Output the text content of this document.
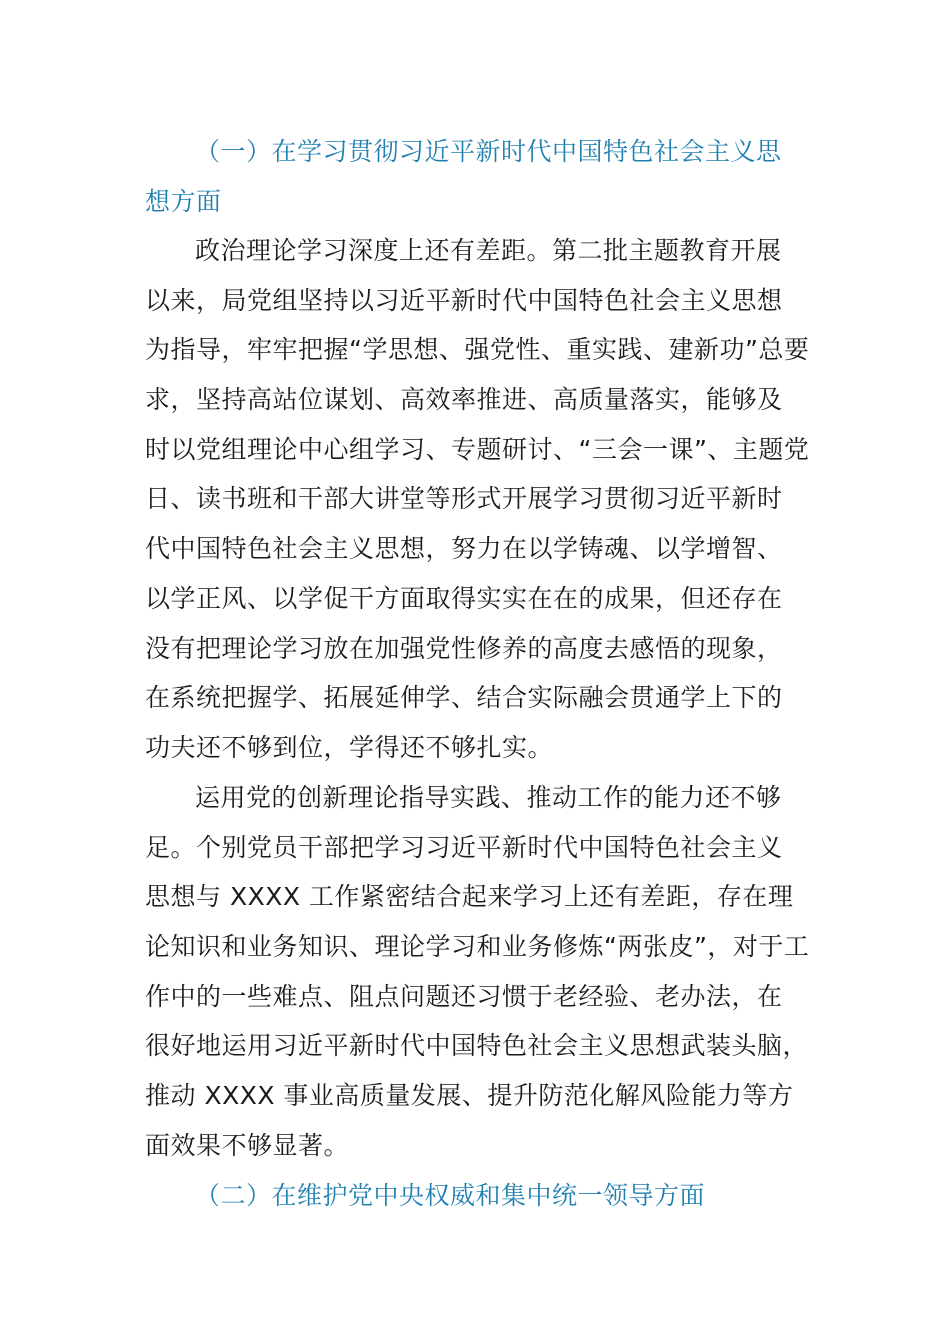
（一）在学习贯彻习近平新时代中国特色社会主义思
想方面
政治理论学习深度上还有差距。第二批主题教育开展
以来，局党组坚持以习近平新时代中国特色社会主义思想
为指导，牢牢把握“学思想、强党性、重实践、建新功”总要
求，坚持高站位谋划、高效率推进、高质量落实，能够及
时以党组理论中心组学习、专题研讨、“三会一课”、主题党
日、读书班和干部大讲堂等形式开展学习贯彻习近平新时
代中国特色社会主义思想，努力在以学铸魂、以学增智、
以学正风、以学促干方面取得实实在在的成果，但还存在
没有把理论学习放在加强党性修养的高度去感悟的现象，
在系统把握学、拓展延伸学、结合实际融会贯通学上下的
功夫还不够到位，学得还不够扎实。
运用党的创新理论指导实践、推动工作的能力还不够
足。个别党员干部把学习习近平新时代中国特色社会主义
思想与 XXXX 工作紧密结合起来学习上还有差距，存在理
论知识和业务知识、理论学习和业务修炼“两张皮”，对于工
作中的一些难点、阻点问题还习惯于老经验、老办法，在
很好地运用习近平新时代中国特色社会主义思想武装头脑，
推动 XXXX 事业高质量发展、提升防范化解风险能力等方
面效果不够显著。
（二）在维护党中央权威和集中统一领导方面
